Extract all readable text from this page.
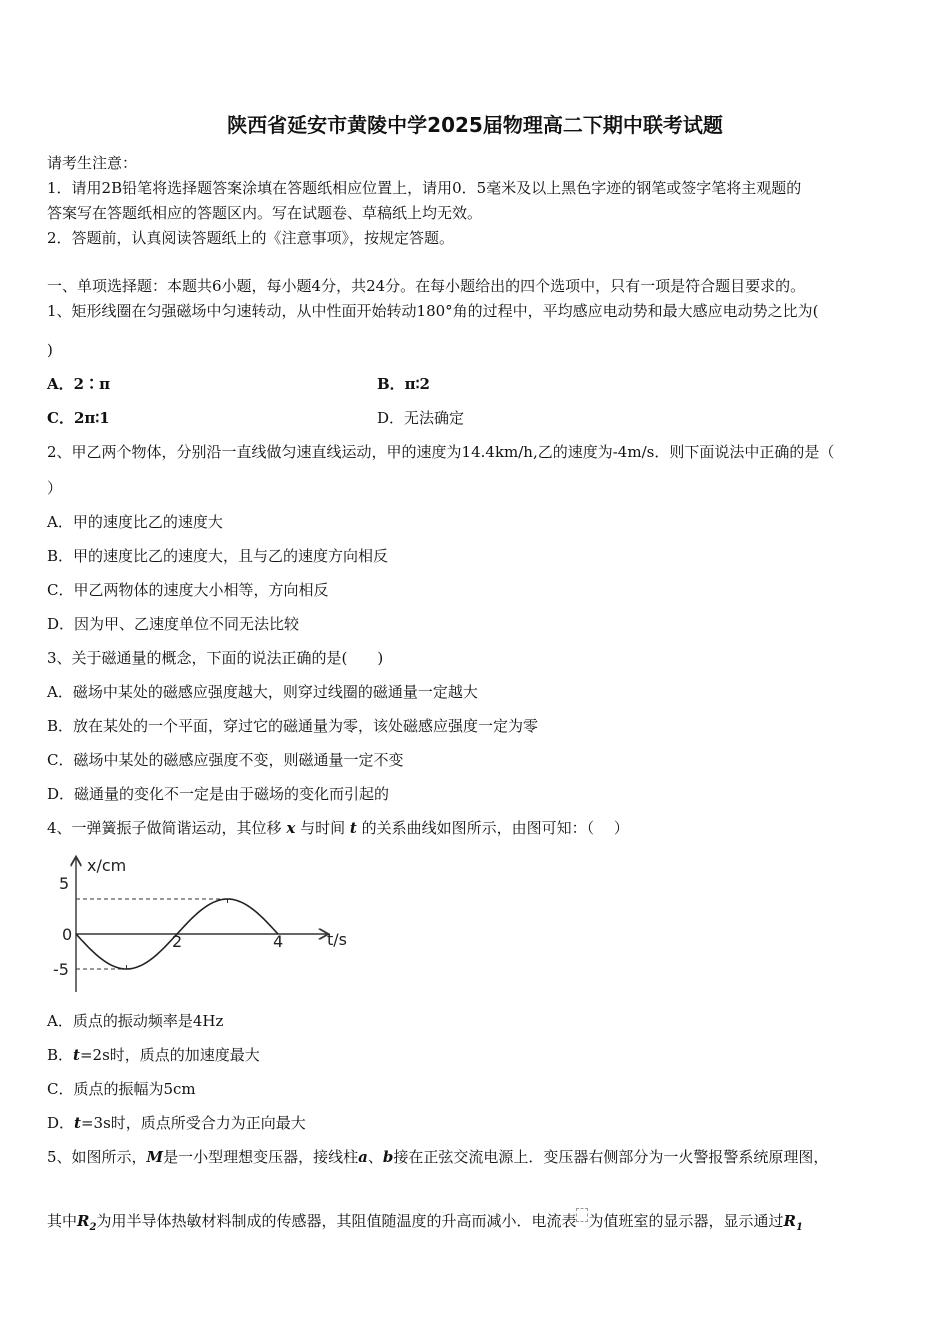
陕西省延安市黄陵中学2025届物理高二下期中联考试题
请考生注意：
1．请用2B铅笔将选择题答案涂填在答题纸相应位置上，请用0．5毫米及以上黑色字迹的钢笔或签字笔将主观题的
答案写在答题纸相应的答题区内。写在试题卷、草稿纸上均无效。
2．答题前，认真阅读答题纸上的《注意事项》，按规定答题。
一、单项选择题：本题共6小题，每小题4分，共24分。在每小题给出的四个选项中，只有一项是符合题目要求的。
1、矩形线圈在匀强磁场中匀速转动，从中性面开始转动180°角的过程中，平均感应电动势和最大感应电动势之比为(
)
A．2∶π	B．π∶2
C．2π∶1	D．无法确定
2、甲乙两个物体，分别沿一直线做匀速直线运动，甲的速度为14.4km/h,乙的速度为-4m/s．则下面说法中正确的是（
）
A．甲的速度比乙的速度大
B．甲的速度比乙的速度大，且与乙的速度方向相反
C．甲乙两物体的速度大小相等，方向相反
D．因为甲、乙速度单位不同无法比较
3、关于磁通量的概念，下面的说法正确的是(　　)
A．磁场中某处的磁感应强度越大，则穿过线圈的磁通量一定越大
B．放在某处的一个平面，穿过它的磁通量为零，该处磁感应强度一定为零
C．磁场中某处的磁感应强度不变，则磁通量一定不变
D．磁通量的变化不一定是由于磁场的变化而引起的
4、一弹簧振子做简谐运动，其位移 x 与时间 t 的关系曲线如图所示，由图可知：（　 ）
x/cm
t/s
5
0
-5
2	4
A．质点的振动频率是4Hz
B．t=2s时，质点的加速度最大
C．质点的振幅为5cm
D．t=3s时，质点所受合力为正向最大
5、如图所示，M是一小型理想变压器，接线柱a、b接在正弦交流电源上．变压器右侧部分为一火警报警系统原理图，
其中$R_2$为用半导体热敏材料制成的传感器，其阻值随温度的升高而减小．电流表 为值班室的显示器，显示通过$R_1$
